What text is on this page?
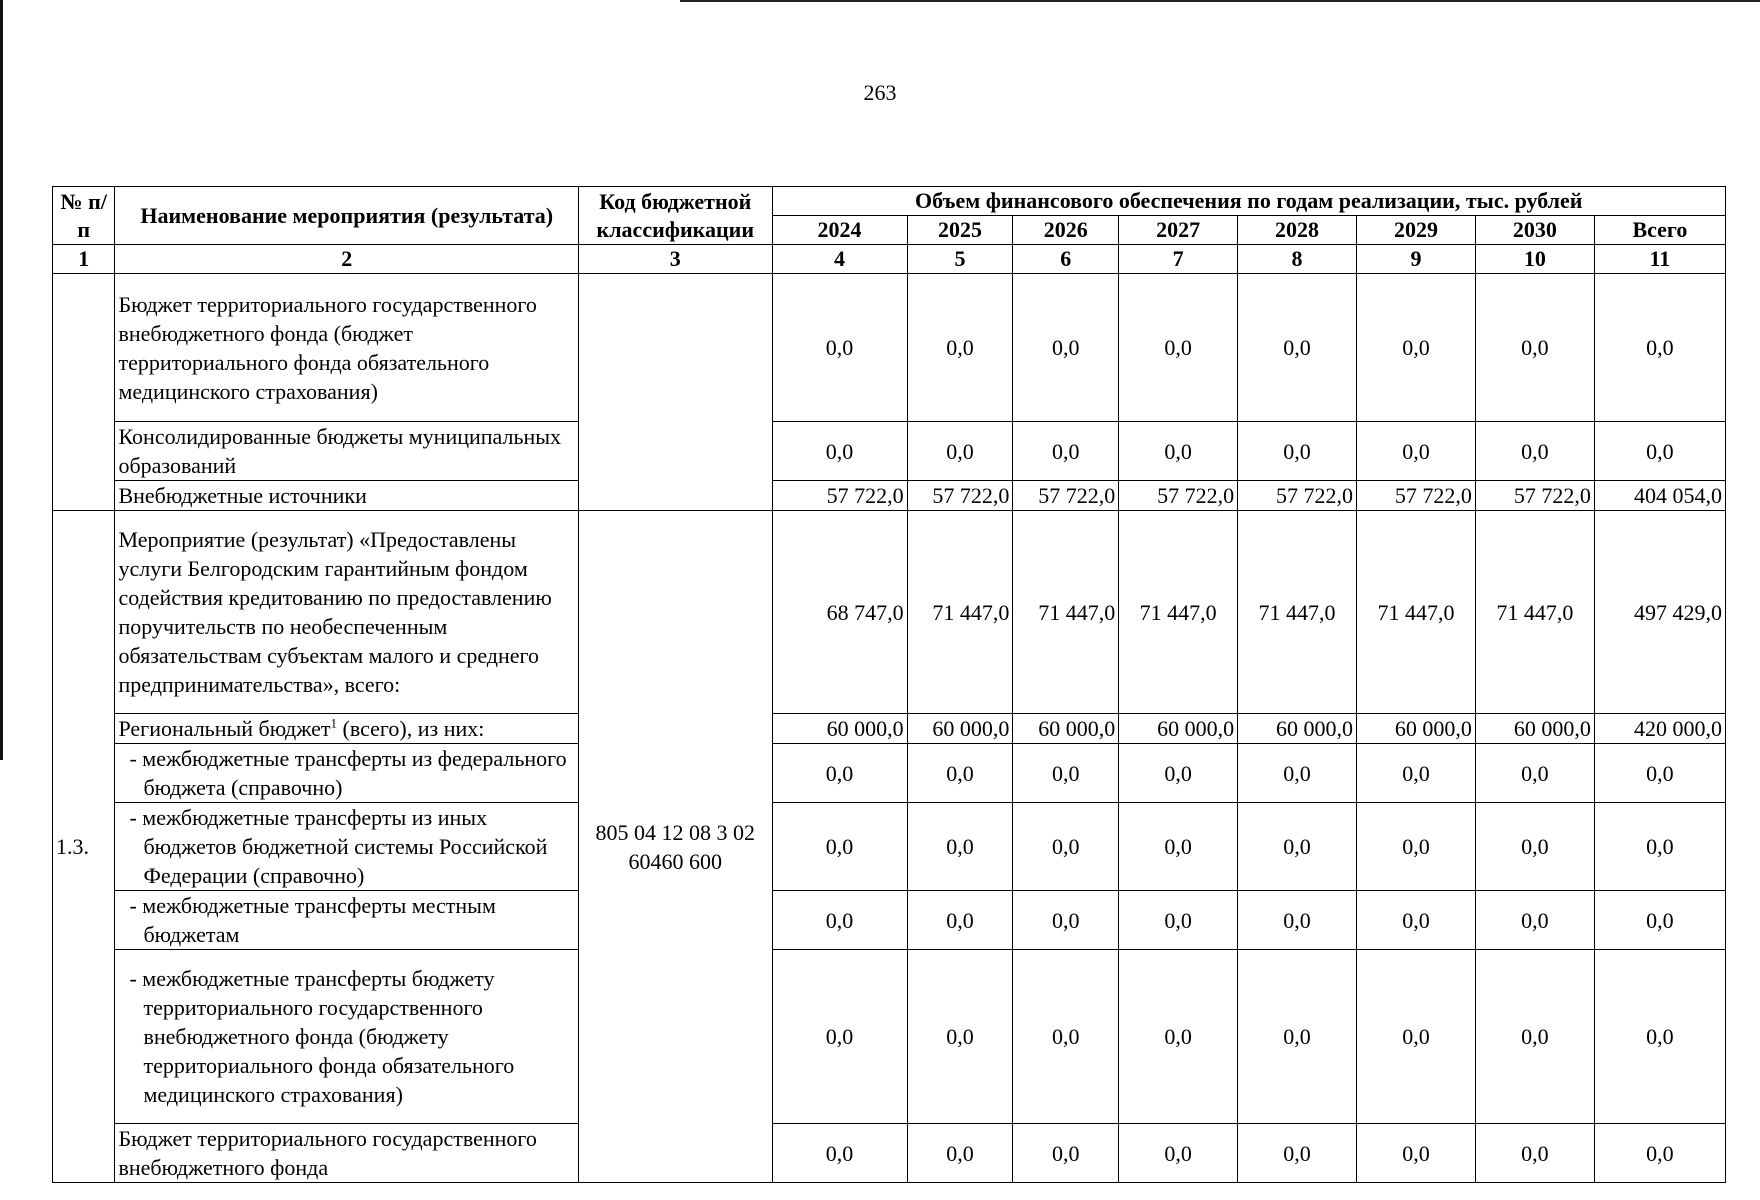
263
№ п/п	Наименование мероприятия (результата)	Код бюджетной классификации	Объем финансового обеспечения по годам реализации, тыс. рублей							
			2024	2025	2026	2027	2028	2029	2030	Всего
1	2	3	4	5	6	7	8	9	10	11
	Бюджет территориального государственного внебюджетного фонда (бюджет территориального фонда обязательного медицинского страхования)		0,0	0,0	0,0	0,0	0,0	0,0	0,0	0,0
	Консолидированные бюджеты муниципальных образований		0,0	0,0	0,0	0,0	0,0	0,0	0,0	0,0
	Внебюджетные источники		57 722,0	57 722,0	57 722,0	57 722,0	57 722,0	57 722,0	57 722,0	404 054,0
1.3.	Мероприятие (результат) «Предоставлены услуги Белгородским гарантийным фондом содействия кредитованию по предоставлению поручительств по необеспеченным обязательствам субъектам малого и среднего предпринимательства», всего:	805 04 12 08 3 02 60460 600	68 747,0	71 447,0	71 447,0	71 447,0	71 447,0	71 447,0	71 447,0	497 429,0
	Региональный бюджет$^1$ (всего), из них:		60 000,0	60 000,0	60 000,0	60 000,0	60 000,0	60 000,0	60 000,0	420 000,0
	- межбюджетные трансферты из федерального бюджета (справочно)		0,0	0,0	0,0	0,0	0,0	0,0	0,0	0,0
	- межбюджетные трансферты из иных бюджетов бюджетной системы Российской Федерации (справочно)		0,0	0,0	0,0	0,0	0,0	0,0	0,0	0,0
	- межбюджетные трансферты местным бюджетам		0,0	0,0	0,0	0,0	0,0	0,0	0,0	0,0
	- межбюджетные трансферты бюджету территориального государственного внебюджетного фонда (бюджету территориального фонда обязательного медицинского страхования)		0,0	0,0	0,0	0,0	0,0	0,0	0,0	0,0
	Бюджет территориального государственного внебюджетного фонда		0,0	0,0	0,0	0,0	0,0	0,0	0,0	0,0
